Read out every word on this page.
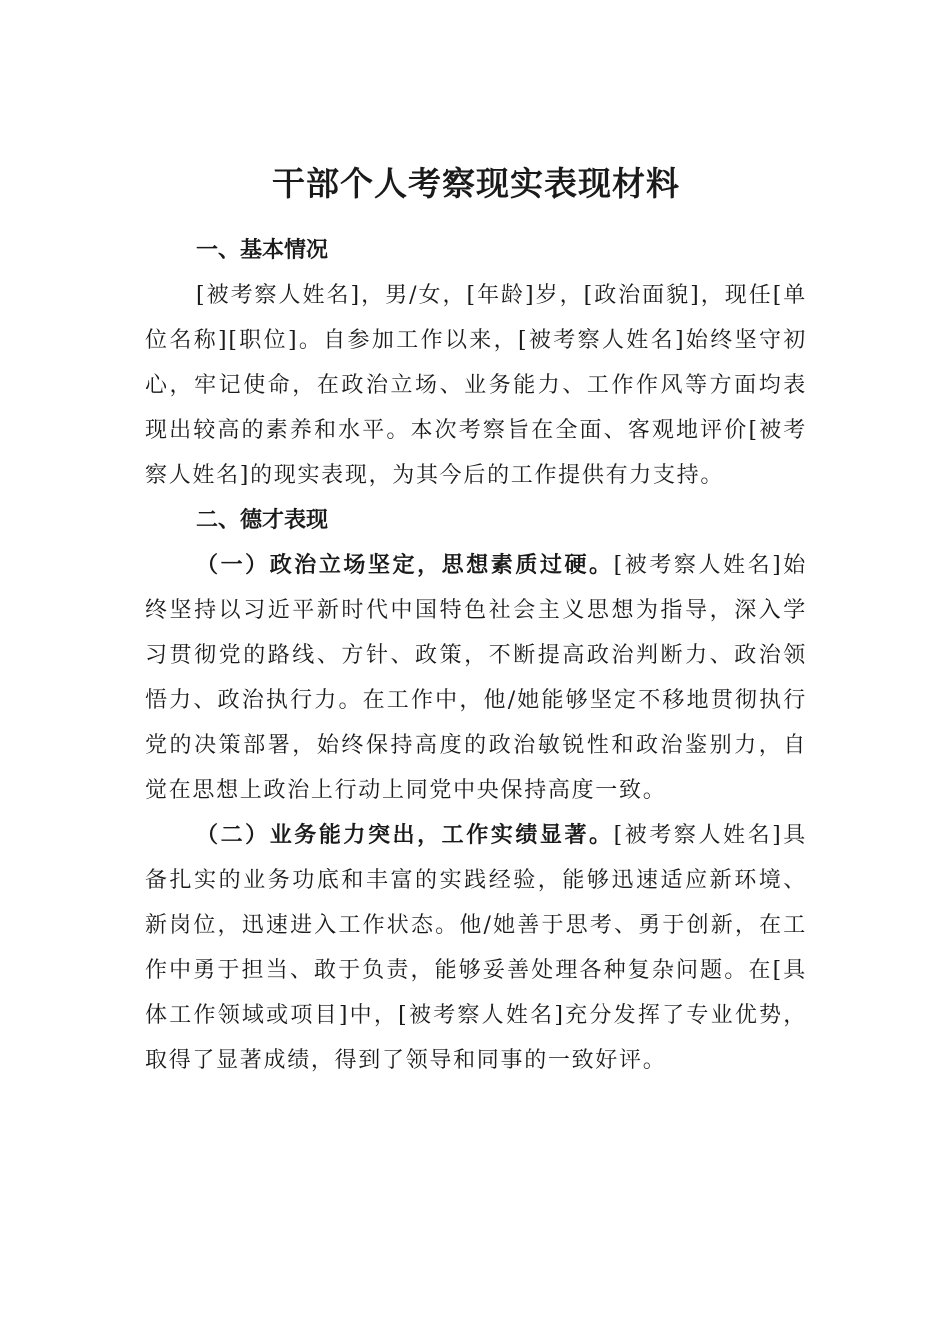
干部个人考察现实表现材料
一、基本情况

[被考察人姓名]，男/女，[年龄]岁，[政治面貌]，现任[单位名称][职位]。自参加工作以来，[被考察人姓名]始终坚守初心，牢记使命，在政治立场、业务能力、工作作风等方面均表现出较高的素养和水平。本次考察旨在全面、客观地评价[被考察人姓名]的现实表现，为其今后的工作提供有力支持。

二、德才表现

（一）政治立场坚定，思想素质过硬。[被考察人姓名]始终坚持以习近平新时代中国特色社会主义思想为指导，深入学习贯彻党的路线、方针、政策，不断提高政治判断力、政治领悟力、政治执行力。在工作中，他/她能够坚定不移地贯彻执行党的决策部署，始终保持高度的政治敏锐性和政治鉴别力，自觉在思想上政治上行动上同党中央保持高度一致。

（二）业务能力突出，工作实绩显著。[被考察人姓名]具备扎实的业务功底和丰富的实践经验，能够迅速适应新环境、新岗位，迅速进入工作状态。他/她善于思考、勇于创新，在工作中勇于担当、敢于负责，能够妥善处理各种复杂问题。在[具体工作领域或项目]中，[被考察人姓名]充分发挥了专业优势，取得了显著成绩，得到了领导和同事的一致好评。
